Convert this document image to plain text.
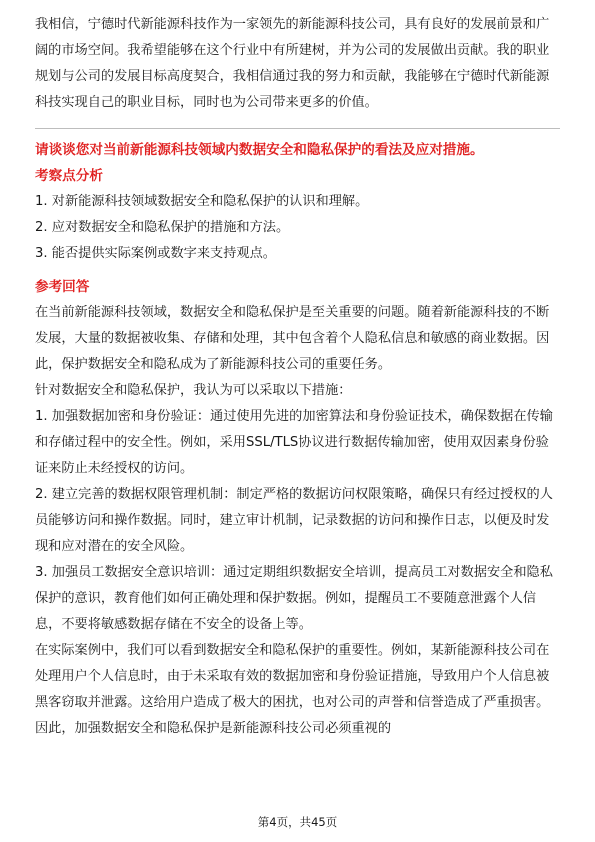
我相信，宁德时代新能源科技作为一家领先的新能源科技公司，具有良好的发展前景和广阔的市场空间。我希望能够在这个行业中有所建树，并为公司的发展做出贡献。我的职业规划与公司的发展目标高度契合，我相信通过我的努力和贡献，我能够在宁德时代新能源科技实现自己的职业目标，同时也为公司带来更多的价值。

请谈谈您对当前新能源科技领域内数据安全和隐私保护的看法及应对措施。

考察点分析

1. 对新能源科技领域数据安全和隐私保护的认识和理解。
2. 应对数据安全和隐私保护的措施和方法。
3. 能否提供实际案例或数字来支持观点。

参考回答

在当前新能源科技领域，数据安全和隐私保护是至关重要的问题。随着新能源科技的不断发展，大量的数据被收集、存储和处理，其中包含着个人隐私信息和敏感的商业数据。因此，保护数据安全和隐私成为了新能源科技公司的重要任务。

针对数据安全和隐私保护，我认为可以采取以下措施：

1. 加强数据加密和身份验证：通过使用先进的加密算法和身份验证技术，确保数据在传输和存储过程中的安全性。例如，采用SSL/TLS协议进行数据传输加密，使用双因素身份验证来防止未经授权的访问。

2. 建立完善的数据权限管理机制：制定严格的数据访问权限策略，确保只有经过授权的人员能够访问和操作数据。同时，建立审计机制，记录数据的访问和操作日志，以便及时发现和应对潜在的安全风险。

3. 加强员工数据安全意识培训：通过定期组织数据安全培训，提高员工对数据安全和隐私保护的意识，教育他们如何正确处理和保护数据。例如，提醒员工不要随意泄露个人信息，不要将敏感数据存储在不安全的设备上等。

在实际案例中，我们可以看到数据安全和隐私保护的重要性。例如，某新能源科技公司在处理用户个人信息时，由于未采取有效的数据加密和身份验证措施，导致用户个人信息被黑客窃取并泄露。这给用户造成了极大的困扰，也对公司的声誉和信誉造成了严重损害。因此，加强数据安全和隐私保护是新能源科技公司必须重视的

第4页，共45页
